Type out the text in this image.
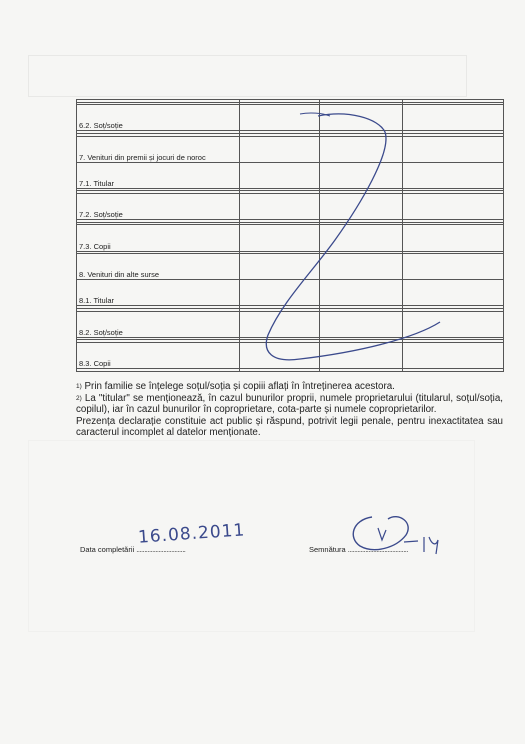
6.2. Soț/soție			

7. Venituri din premii și jocuri de noroc			
7.1. Titular			

7.2. Soț/soție			

7.3. Copii			

8. Venituri din alte surse			
8.1. Titular			

8.2. Soț/soție			

8.3. Copii			

$^{1)}$ Prin familie se înțelege soțul/soția și copiii aflați în întreținerea acestora.

$^{2)}$ La "titular" se menționează, în cazul bunurilor proprii, numele proprietarului (titularul, soțul/soția, copilul), iar în cazul bunurilor în coproprietare, cota-parte și numele coproprietarilor.

Prezența declarație constituie act public și răspund, potrivit legii penale, pentru inexactitatea sau caracterul incomplet al datelor menționate.

Data completării ...............................
16.08.2011
Semnătura ......................................
